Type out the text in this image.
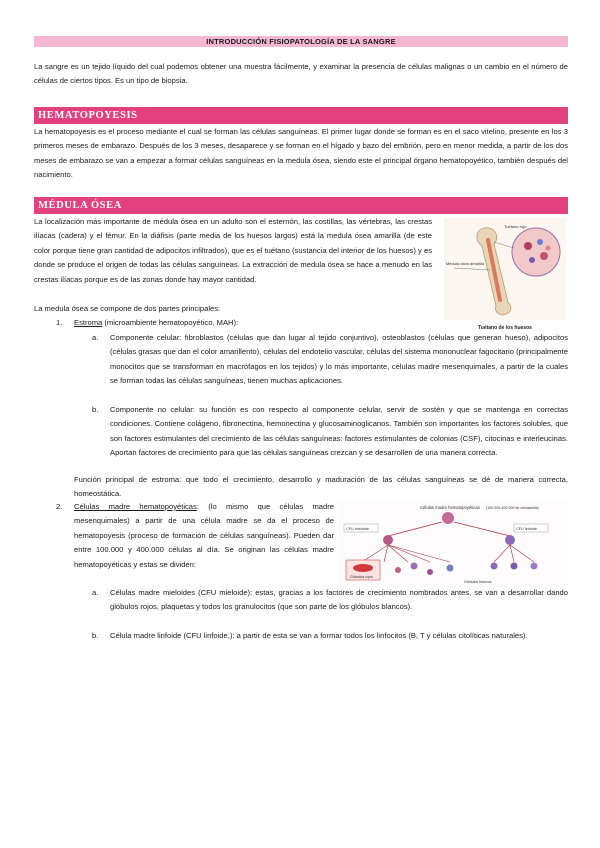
INTRODUCCIÓN FISIOPATOLOGÍA DE LA SANGRE
La sangre es un tejido líquido del cual podemos obtener una muestra fácilmente, y examinar la presencia de células malignas o un cambio en el número de células de ciertos tipos. Es un tipo de biopsia.
HEMATOPOYESIS
La hematopoyesis es el proceso mediante el cual se forman las células sanguíneas. El primer lugar donde se forman es en el saco vitelino, presente en los 3 primeros meses de embarazo. Después de los 3 meses, desaparece y se forman en el hígado y bazo del embrión, pero en menor medida, a partir de los dos meses de embarazo se van a empezar a formar células sanguíneas en la medula ósea, siendo este el principal órgano hematopoyético, también después del nacimiento.
MÉDULA ÓSEA
La localización más importante de médula ósea en un adulto son el esternón, las costillas, las vértebras, las crestas ilíacas (cadera) y el fémur. En la diáfisis (parte media de los huesos largos) está la medula ósea amarilla (de este color porque tiene gran cantidad de adipocitos infiltrados), que es el tuétano (sustancia del interior de los huesos) y es donde se produce el origen de todas las células sanguíneas. La extracción de medula ósea se hace a menudo en las crestas ilíacas porque es de las zonas donde hay mayor cantidad.
La medula ósea se compone de dos partes principales:
1. Estroma (microambiente hematopoyético, MAH):
a. Componente celular: fibroblastos (células que dan lugar al tejido conjuntivo), osteoblastos (células que generan hueso), adipocitos (células grasas que dan el color amarillento), células del endotelio vascular, células del sistema mononuclear fagocitario (principalmente monocitos que se transforman en macrófagos en los tejidos) y lo más importante, células madre mesenquimales, a partir de la cuales se forman todas las células sanguíneas, tienen muchas aplicaciones.
b. Componente no celular: su función es con respecto al componente celular, servir de sostén y que se mantenga en correctas condiciones. Contiene colágeno, fibronectina, hemonectina y glucosaminoglicanos. También son importantes los factores solubles, que son factores estimulantes del crecimiento de las células sanguíneas: factores estimulantes de colonias (CSF), citocinas e interleucinas. Aportan factores de crecimiento para que las células sanguíneas crezcan y se desarrollen de una manera correcta.
Función principal de estroma: que todo el crecimiento, desarrollo y maduración de las células sanguíneas se dé de manera correcta, homeostática.
2. Células madre hematopoyéticas: (lo mismo que células madre mesenquimales) a partir de una célula madre se da el proceso de hematopoyesis (proceso de formación de células sanguíneas). Pueden dar entre 100.000 y 400.000 células al día. Se originan las células madre hematopoyéticas y estas se dividen:
a. Células madre mieloides (CFU mieloide): estas, gracias a los factores de crecimiento nombrados antes, se van a desarrollar dando glóbulos rojos, plaquetas y todos los granulocitos (que son parte de los glóbulos blancos).
b. Célula madre linfoide (CFU linfoide,): a partir de esta se van a formar todos los linfocitos (B, T y células citolíticas naturales).
Tuétano rojo
Médula ósea amarilla
Tuétano de los huesos
Células madre hematopoyéticas (100.000-400.000 de células/día)
CFU mieloide	CFU linfoide
Glóbulos rojos
Glóbulos blancos
